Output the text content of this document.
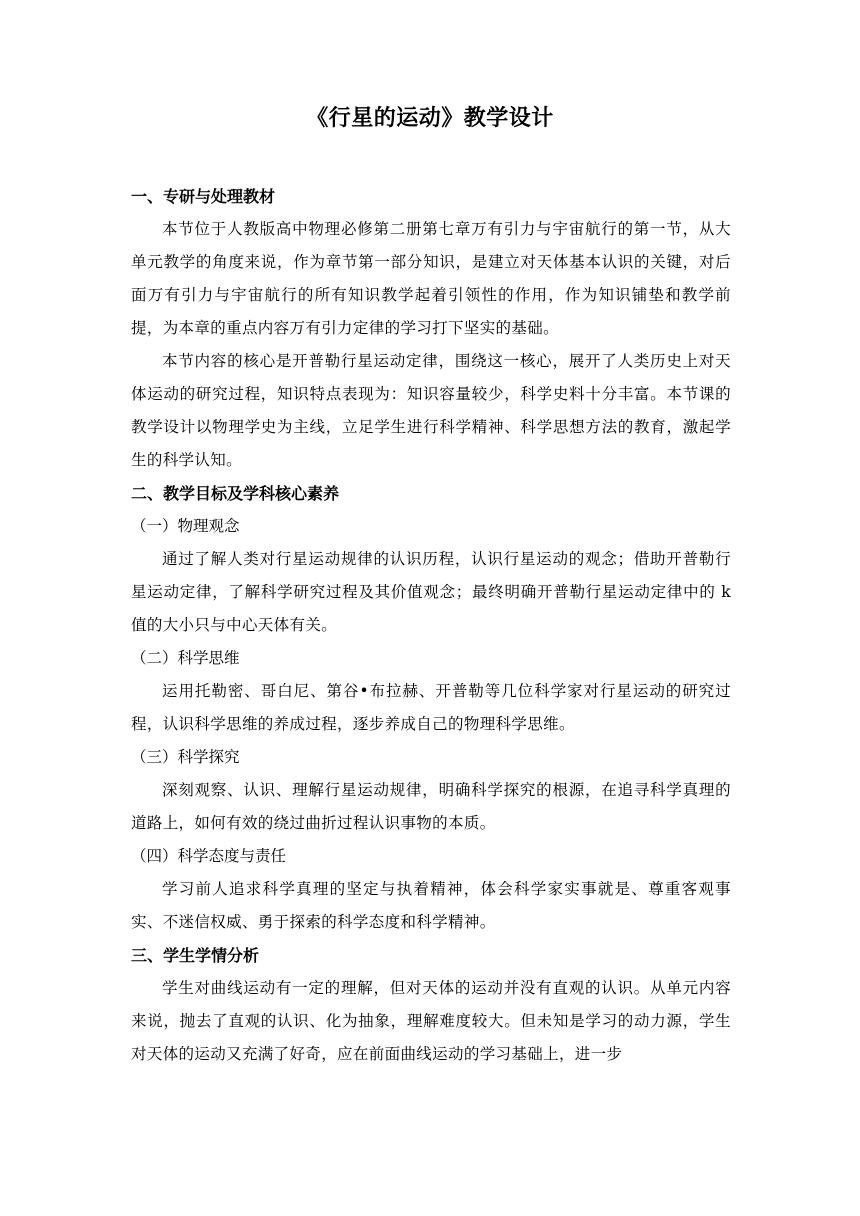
《行星的运动》教学设计

一、专研与处理教材

本节位于人教版高中物理必修第二册第七章万有引力与宇宙航行的第一节，从大单元教学的角度来说，作为章节第一部分知识，是建立对天体基本认识的关键，对后面万有引力与宇宙航行的所有知识教学起着引领性的作用，作为知识铺垫和教学前提，为本章的重点内容万有引力定律的学习打下坚实的基础。

本节内容的核心是开普勒行星运动定律，围绕这一核心，展开了人类历史上对天体运动的研究过程，知识特点表现为：知识容量较少，科学史料十分丰富。本节课的教学设计以物理学史为主线，立足学生进行科学精神、科学思想方法的教育，激起学生的科学认知。

二、教学目标及学科核心素养

（一）物理观念

通过了解人类对行星运动规律的认识历程，认识行星运动的观念；借助开普勒行星运动定律，了解科学研究过程及其价值观念；最终明确开普勒行星运动定律中的 k 值的大小只与中心天体有关。

（二）科学思维

运用托勒密、哥白尼、第谷•布拉赫、开普勒等几位科学家对行星运动的研究过程，认识科学思维的养成过程，逐步养成自己的物理科学思维。

（三）科学探究

深刻观察、认识、理解行星运动规律，明确科学探究的根源，在追寻科学真理的道路上，如何有效的绕过曲折过程认识事物的本质。

（四）科学态度与责任

学习前人追求科学真理的坚定与执着精神，体会科学家实事就是、尊重客观事实、不迷信权威、勇于探索的科学态度和科学精神。

三、学生学情分析

学生对曲线运动有一定的理解，但对天体的运动并没有直观的认识。从单元内容来说，抛去了直观的认识、化为抽象，理解难度较大。但未知是学习的动力源，学生对天体的运动又充满了好奇，应在前面曲线运动的学习基础上，进一步
